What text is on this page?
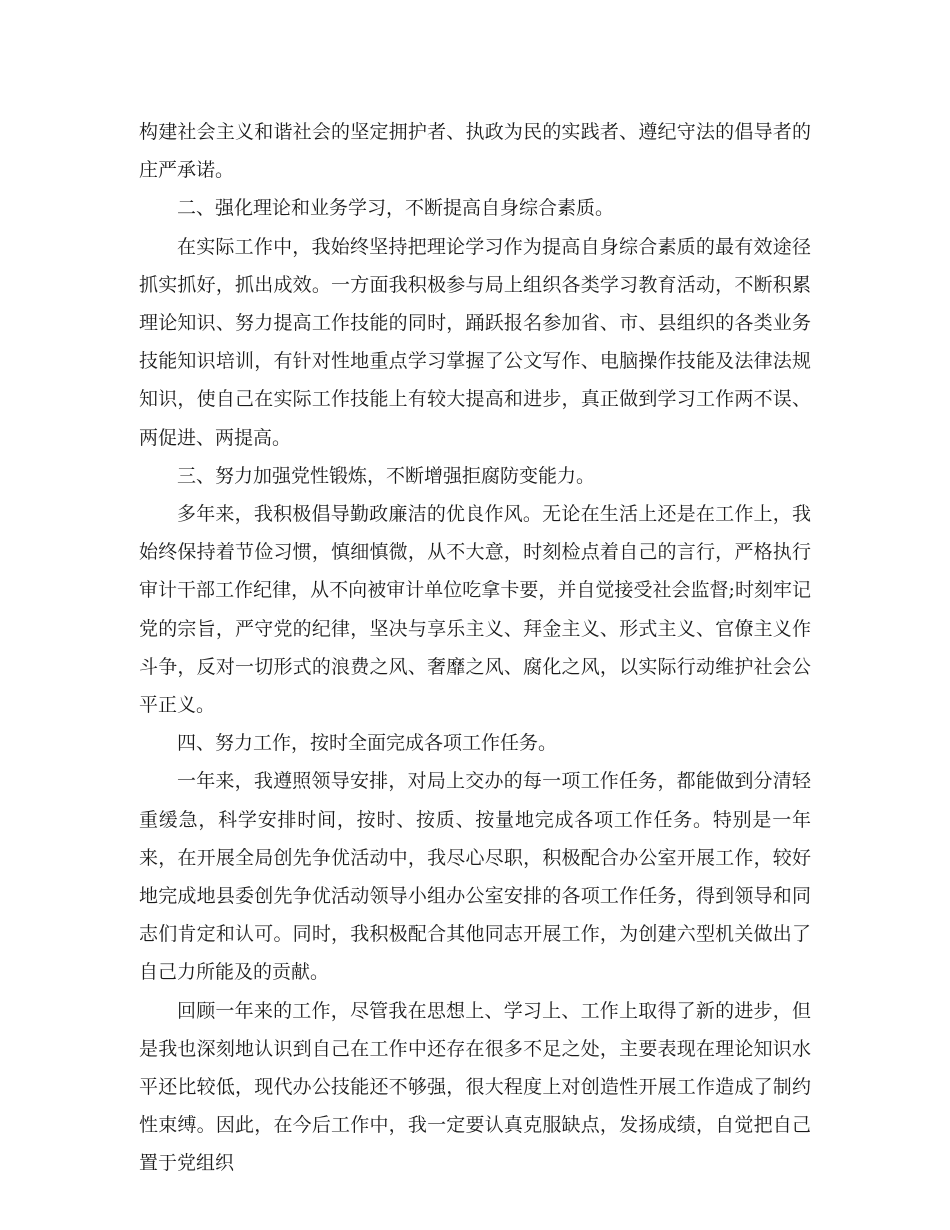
构建社会主义和谐社会的坚定拥护者、执政为民的实践者、遵纪守法的倡导者的庄严承诺。

二、强化理论和业务学习，不断提高自身综合素质。

在实际工作中，我始终坚持把理论学习作为提高自身综合素质的最有效途径抓实抓好，抓出成效。一方面我积极参与局上组织各类学习教育活动，不断积累理论知识、努力提高工作技能的同时，踊跃报名参加省、市、县组织的各类业务技能知识培训，有针对性地重点学习掌握了公文写作、电脑操作技能及法律法规知识，使自己在实际工作技能上有较大提高和进步，真正做到学习工作两不误、两促进、两提高。

三、努力加强党性锻炼，不断增强拒腐防变能力。

多年来，我积极倡导勤政廉洁的优良作风。无论在生活上还是在工作上，我始终保持着节俭习惯，慎细慎微，从不大意，时刻检点着自己的言行，严格执行审计干部工作纪律，从不向被审计单位吃拿卡要，并自觉接受社会监督;时刻牢记党的宗旨，严守党的纪律，坚决与享乐主义、拜金主义、形式主义、官僚主义作斗争，反对一切形式的浪费之风、奢靡之风、腐化之风，以实际行动维护社会公平正义。

四、努力工作，按时全面完成各项工作任务。

一年来，我遵照领导安排，对局上交办的每一项工作任务，都能做到分清轻重缓急，科学安排时间，按时、按质、按量地完成各项工作任务。特别是一年来，在开展全局创先争优活动中，我尽心尽职，积极配合办公室开展工作，较好地完成地县委创先争优活动领导小组办公室安排的各项工作任务，得到领导和同志们肯定和认可。同时，我积极配合其他同志开展工作，为创建六型机关做出了自己力所能及的贡献。

回顾一年来的工作，尽管我在思想上、学习上、工作上取得了新的进步，但是我也深刻地认识到自己在工作中还存在很多不足之处，主要表现在理论知识水平还比较低，现代办公技能还不够强，很大程度上对创造性开展工作造成了制约性束缚。因此，在今后工作中，我一定要认真克服缺点，发扬成绩，自觉把自己置于党组织
